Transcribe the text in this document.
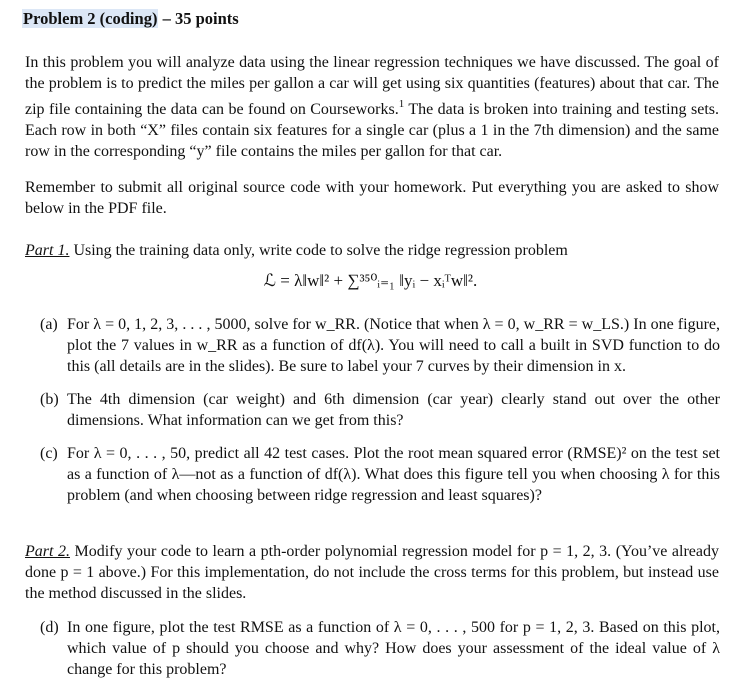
Problem 2 (coding) – 35 points
In this problem you will analyze data using the linear regression techniques we have discussed. The goal of the problem is to predict the miles per gallon a car will get using six quantities (features) about that car. The zip file containing the data can be found on Courseworks.$^1$ The data is broken into training and testing sets. Each row in both “X” files contain six features for a single car (plus a 1 in the 7th dimension) and the same row in the corresponding “y” file contains the miles per gallon for that car.
Remember to submit all original source code with your homework. Put everything you are asked to show below in the PDF file.
Part 1. Using the training data only, write code to solve the ridge regression problem
ℒ = λ‖w‖² + ∑³⁵⁰ᵢ₌₁ ‖yᵢ − xᵢᵀw‖².
(a) For λ = 0, 1, 2, 3, . . . , 5000, solve for w_RR. (Notice that when λ = 0, w_RR = w_LS.) In one figure, plot the 7 values in w_RR as a function of df(λ). You will need to call a built in SVD function to do this (all details are in the slides). Be sure to label your 7 curves by their dimension in x.
(b) The 4th dimension (car weight) and 6th dimension (car year) clearly stand out over the other dimensions. What information can we get from this?
(c) For λ = 0, . . . , 50, predict all 42 test cases. Plot the root mean squared error (RMSE)² on the test set as a function of λ—not as a function of df(λ). What does this figure tell you when choosing λ for this problem (and when choosing between ridge regression and least squares)?
Part 2. Modify your code to learn a pth-order polynomial regression model for p = 1, 2, 3. (You’ve already done p = 1 above.) For this implementation, do not include the cross terms for this problem, but instead use the method discussed in the slides.
(d) In one figure, plot the test RMSE as a function of λ = 0, . . . , 500 for p = 1, 2, 3. Based on this plot, which value of p should you choose and why? How does your assessment of the ideal value of λ change for this problem?
